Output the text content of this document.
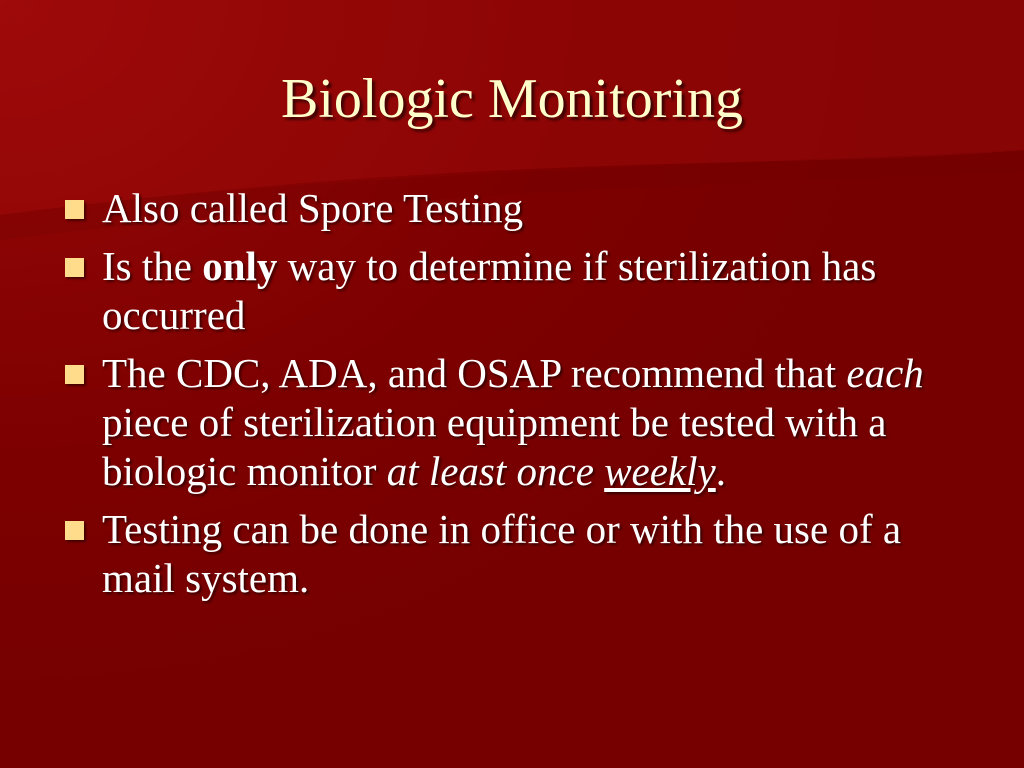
Biologic Monitoring
Also called Spore Testing
Is the only way to determine if sterilization has occurred
The CDC, ADA, and OSAP recommend that each piece of sterilization equipment be tested with a biologic monitor at least once weekly.
Testing can be done in office or with the use of a mail system.
